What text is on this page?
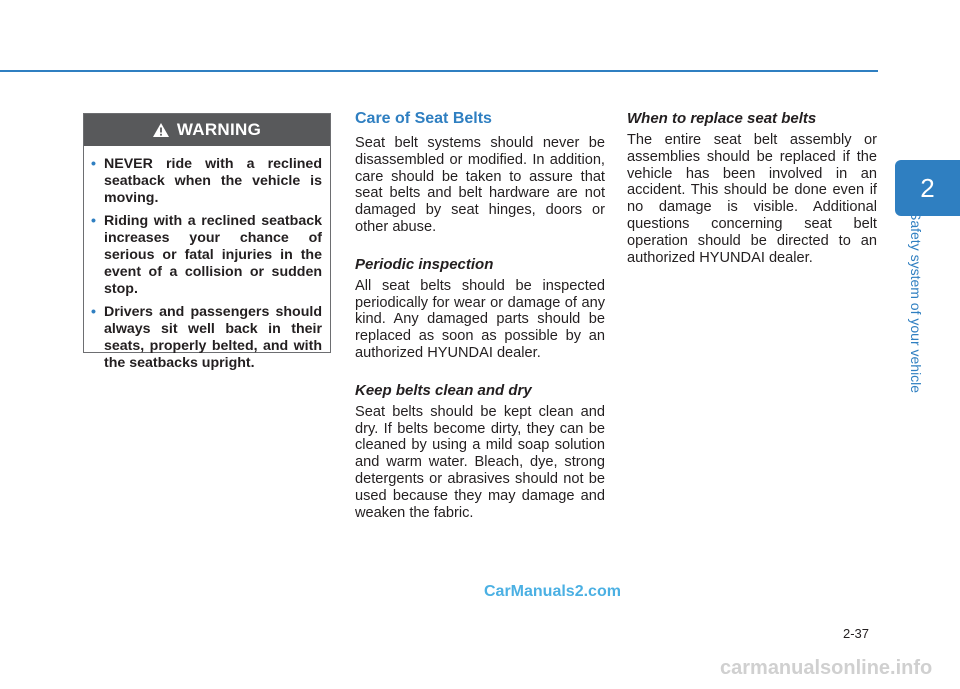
2
Safety system of your vehicle
WARNING
• NEVER ride with a reclined seatback when the vehicle is moving.
• Riding with a reclined seatback increases your chance of serious or fatal injuries in the event of a collision or sudden stop.
• Drivers and passengers should always sit well back in their seats, properly belted, and with the seatbacks upright.
Care of Seat Belts

Seat belt systems should never be disassembled or modified. In addition, care should be taken to assure that seat belts and belt hardware are not damaged by seat hinges, doors or other abuse.

Periodic inspection

All seat belts should be inspected periodically for wear or damage of any kind. Any damaged parts should be replaced as soon as possible by an authorized HYUNDAI dealer.

Keep belts clean and dry

Seat belts should be kept clean and dry. If belts become dirty, they can be cleaned by using a mild soap solution and warm water. Bleach, dye, strong detergents or abrasives should not be used because they may damage and weaken the fabric.

When to replace seat belts

The entire seat belt assembly or assemblies should be replaced if the vehicle has been involved in an accident. This should be done even if no damage is visible. Additional questions concerning seat belt operation should be directed to an authorized HYUNDAI dealer.

CarManuals2.com
2-37
carmanualsonline.info
